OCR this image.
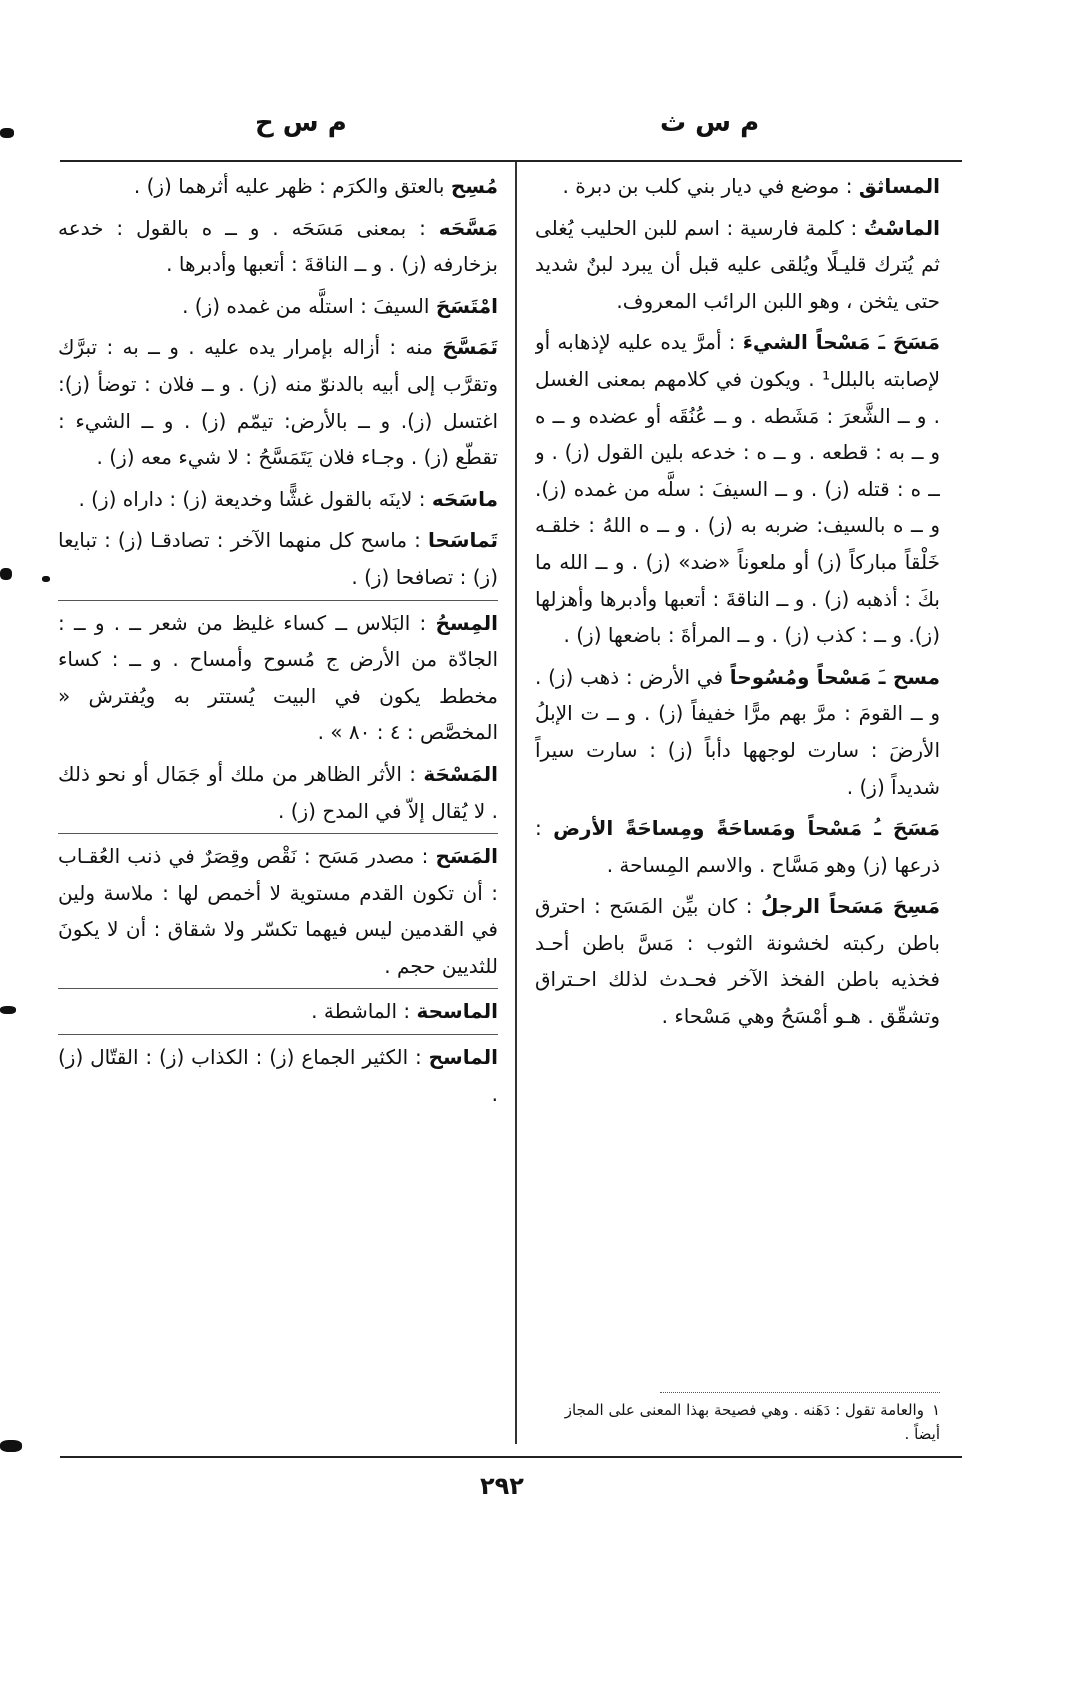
م س ث
م س ح

المساثق : موضع في ديار بني كلب بن دبرة .

الماسْتُ : كلمة فارسية : اسم للبن الحليب يُغلى ثم يُترك قليـلًا ويُلقى عليه قبل أن يبرد لبنٌ شديد حتى يثخن ، وهو اللبن الرائب المعروف.

مَسَحَ ـَ مَسْحاً الشيءَ : أمرَّ يده عليه لإذهابه أو لإصابته بالبلل¹ . ويكون في كلامهم بمعنى الغسل . و ــ الشَّعرَ : مَشَطه . و ــ عُنُقَه أو عضده و ــ ه و ــ به : قطعه . و ــ ه : خدعه بلين القول (ز) . و ــ ه : قتله (ز) . و ــ السيفَ : سلَّه من غمده (ز). و ــ ه بالسيف: ضربه به (ز) . و ــ ه اللهُ : خلقـه خَلْقاً مباركاً (ز) أو ملعوناً «ضد» (ز) . و ــ الله ما بكَ : أذهبه (ز) . و ــ الناقةَ : أتعبها وأدبرها وأهزلها (ز). و ــ : كذب (ز) . و ــ المرأةَ : باضعها (ز) .

مسح ـَ مَسْحاً ومُسُوحاً في الأرض : ذهب (ز) . و ــ القومَ : مرَّ بهم مرًّا خفيفاً (ز) . و ــ ت الإبلُ الأرضَ : سارت لوجهها دأباً (ز) : سارت سيراً شديداً (ز) .

مَسَحَ ـُ مَسْحاً ومَساحَةً ومِساحَةً الأرض : ذرعها (ز) وهو مَسَّاح . والاسم المِساحة .

مَسِحَ مَسَحاً الرجلُ : كان بيِّن المَسَح : احترق باطن ركبته لخشونة الثوب : مَسَّ باطن أحـد فخذيه باطن الفخذ الآخر فحـدث لذلك احـتراق وتشقّق . هـو أمْسَحُ وهي مَسْحاء .

١والعامة تقول : دَهَنه . وهي فصيحة بهذا المعنى على المجاز أيضاً .

مُسِح بالعتق والكرَم : ظهر عليه أثرهما (ز) .

مَسَّحَه : بمعنى مَسَحَه . و ــ ه بالقول : خدعه بزخارفه (ز) . و ــ الناقةَ : أتعبها وأدبرها .

امْتَسَحَ السيفَ : استلَّه من غمده (ز) .

تَمَسَّحَ منه : أزاله بإمرار يده عليه . و ــ به : تبرَّك وتقرَّب إلى أبيه بالدنوّ منه (ز) . و ــ فلان : توضأ (ز): اغتسل (ز). و ــ بالأرض: تيمّم (ز) . و ــ الشيء : تقطّع (ز) . وجـاء فلان يَتَمَسَّحُ : لا شيء معه (ز) .

ماسَحَه : لاينَه بالقول غشًّا وخديعة (ز) : داراه (ز) .

تَماسَحا : ماسح كل منهما الآخر : تصادقـا (ز) : تبايعا (ز) : تصافحا (ز) .

المِسحُ : البَلاس ــ كساء غليظ من شعر ــ . و ــ : الجادّة من الأرض ج مُسوح وأمساح . و ــ : كساء مخطط يكون في البيت يُستتر به ويُفترش « المخصَّص : ٤ : ٨٠ » .

المَسْحَة : الأثر الظاهر من ملك أو جَمَال أو نحو ذلك . لا يُقال إلاّ في المدح (ز) .

المَسَح : مصدر مَسَح : نَقْص وقِصَرٌ في ذنب العُقـاب : أن تكون القدم مستوية لا أخمص لها : ملاسة ولين في القدمين ليس فيهما تكسّر ولا شقاق : أن لا يكونَ للثديين حجم .

الماسحة : الماشطة .

الماسح : الكثير الجماع (ز) : الكذاب (ز) : القتّال (ز) .

٢٩٢
